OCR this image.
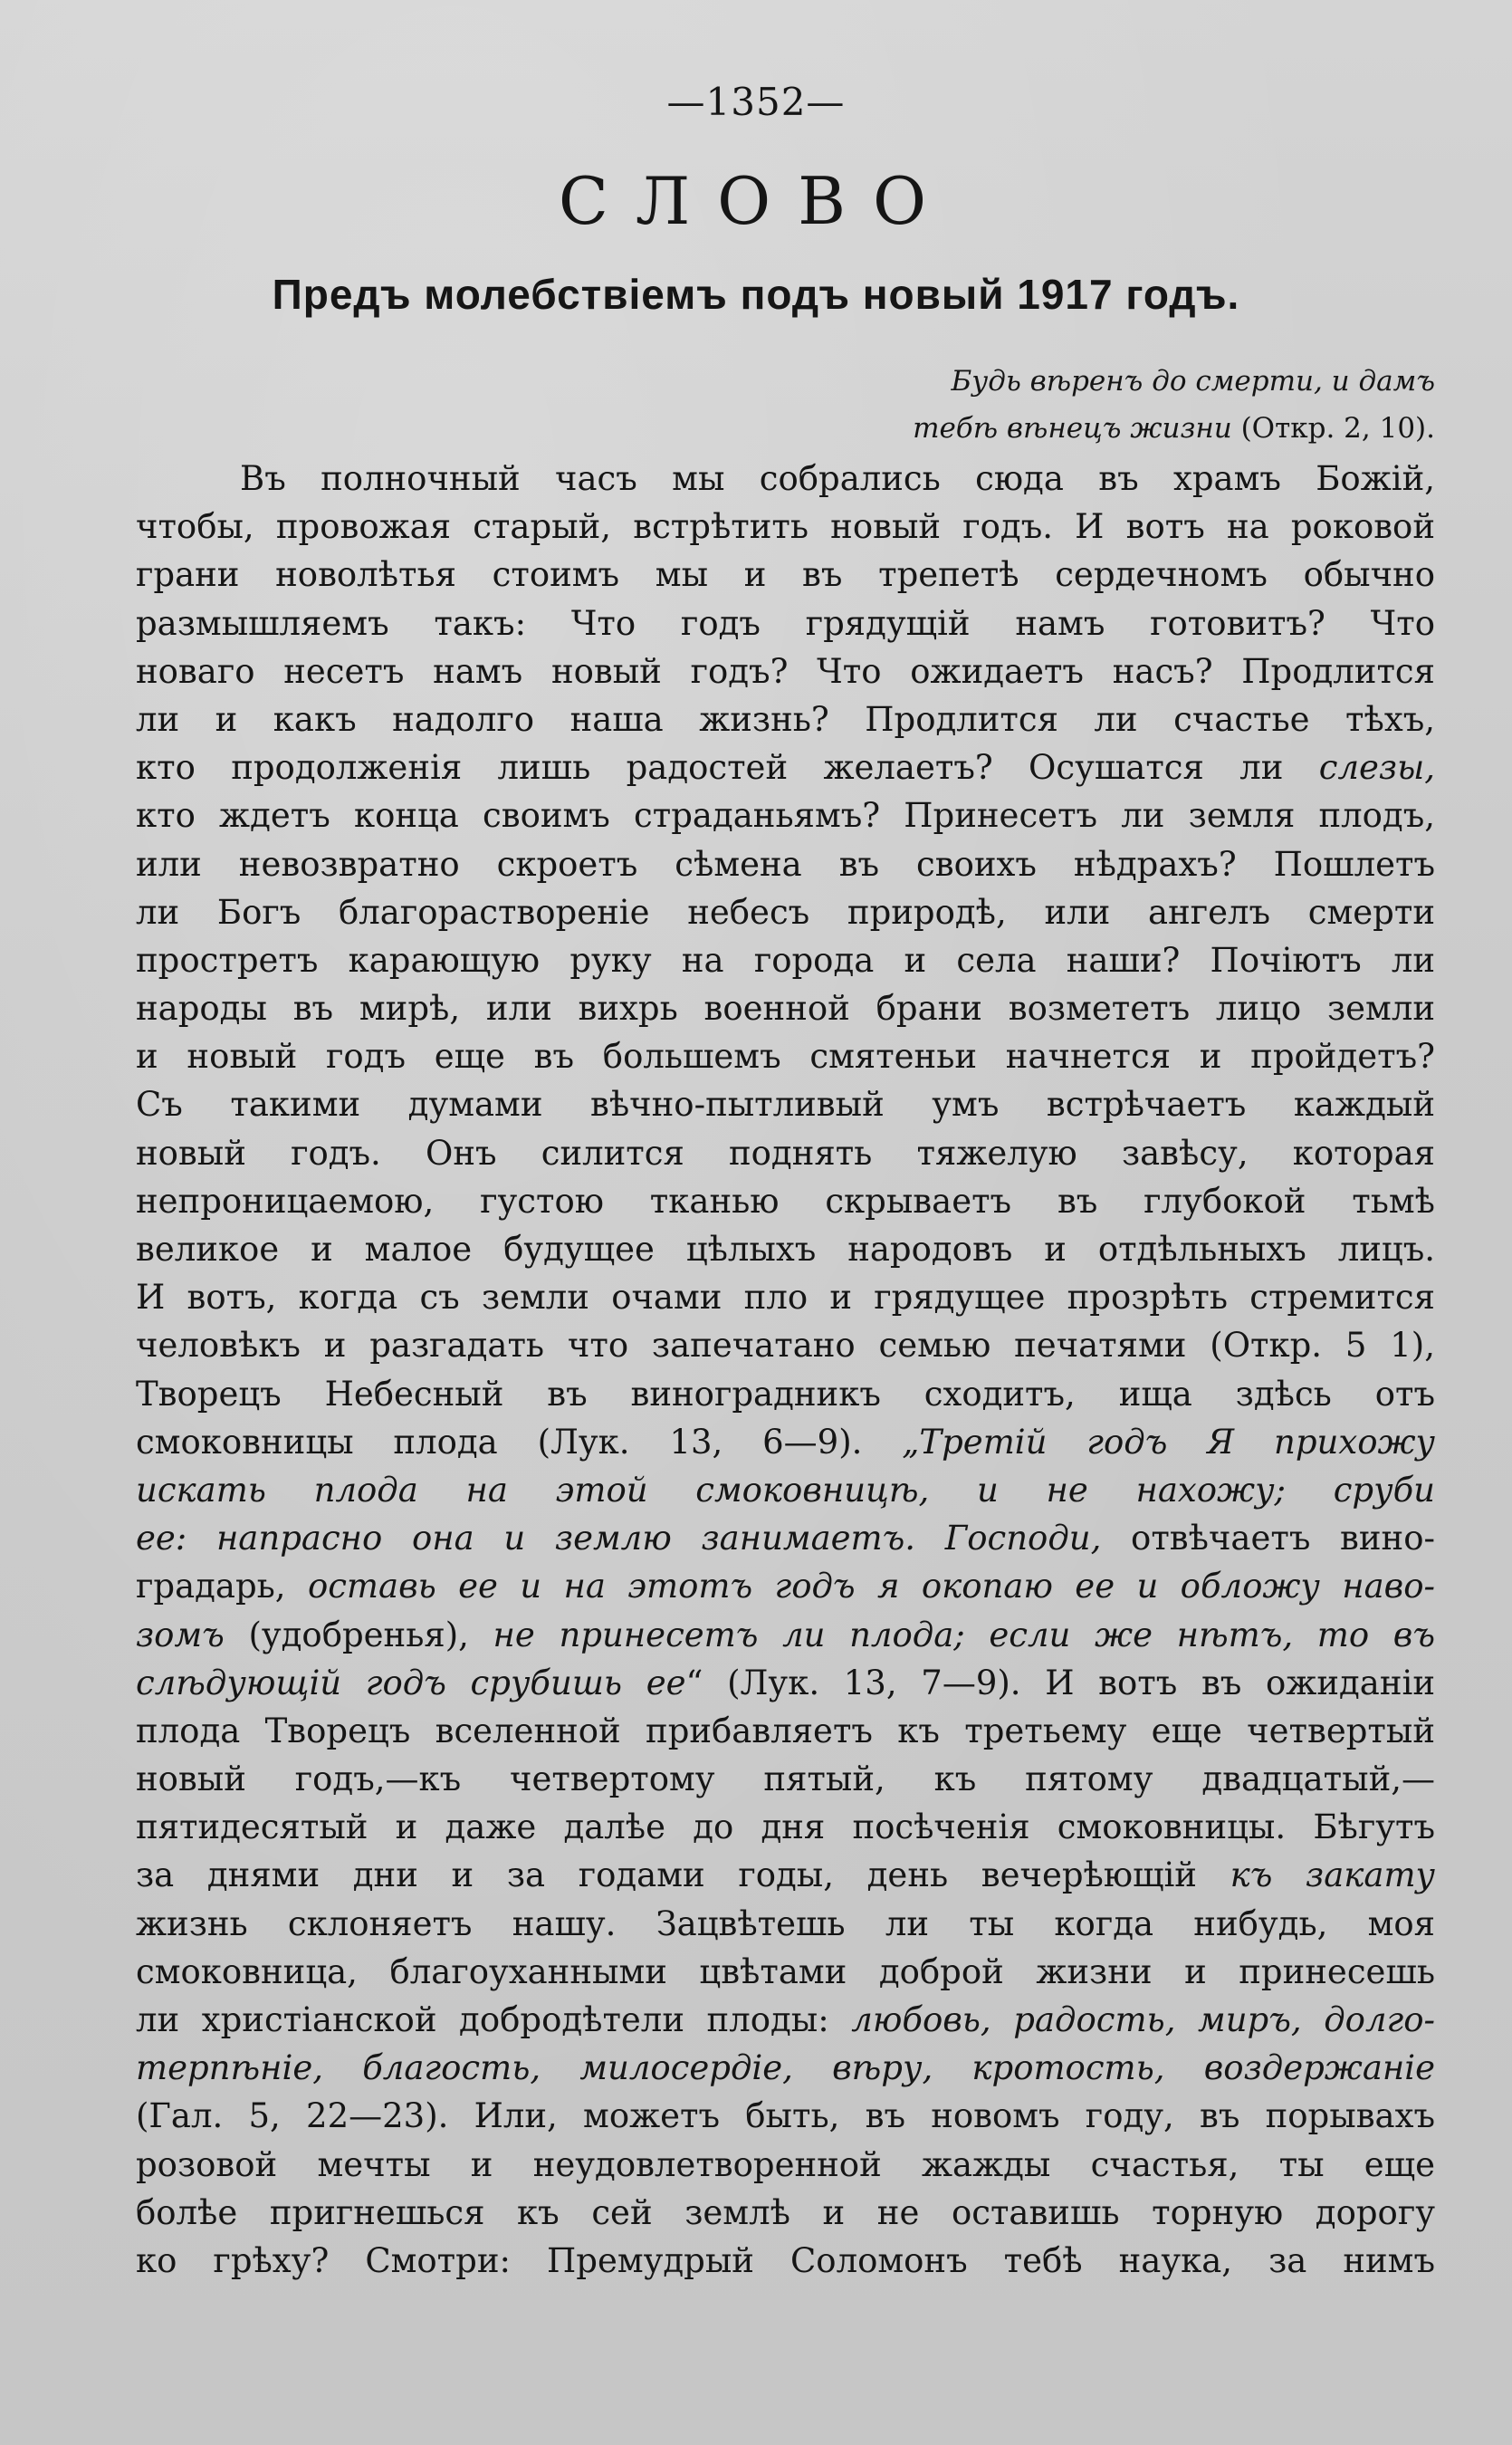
—1352—
СЛОВО
Предъ молебствіемъ подъ новый 1917 годъ.
Будь вѣренъ до смерти, и дамъ
тебѣ вѣнецъ жизни (Откр. 2, 10).
Въ полночный часъ мы собрались сюда въ храмъ Божій,
чтобы, провожая старый, встрѣтить новый годъ. И вотъ на роковой
грани новолѣтья стоимъ мы и въ трепетѣ сердечномъ обычно
размышляемъ такъ: Что годъ грядущій намъ готовитъ? Что
новаго несетъ намъ новый годъ? Что ожидаетъ насъ? Продлится
ли и какъ надолго наша жизнь? Продлится ли счастье тѣхъ,
кто продолженія лишь радостей желаетъ? Осушатся ли слезы,
кто ждетъ конца своимъ страданьямъ? Принесетъ ли земля плодъ,
или невозвратно скроетъ сѣмена въ своихъ нѣдрахъ? Пошлетъ
ли Богъ благораствореніе небесъ природѣ, или ангелъ смерти
простретъ карающую руку на города и села наши? Почіютъ ли
народы въ мирѣ, или вихрь военной брани возмететъ лицо земли
и новый годъ еще въ большемъ смятеньи начнется и пройдетъ?
Съ такими думами вѣчно-пытливый умъ встрѣчаетъ каждый
новый годъ. Онъ силится поднять тяжелую завѣсу, которая
непроницаемою, густою тканью скрываетъ въ глубокой тьмѣ
великое и малое будущее цѣлыхъ народовъ и отдѣльныхъ лицъ.
И вотъ, когда съ земли очами пло и грядущее прозрѣть стремится
человѣкъ и разгадать что запечатано семью печатями (Откр. 5 1),
Творецъ Небесный въ виноградникъ сходитъ, ища здѣсь отъ
смоковницы плода (Лук. 13, 6—9). „Третій годъ Я прихожу
искать плода на этой смоковницѣ, и не нахожу; сруби
ее: напрасно она и землю занимаетъ. Господи, отвѣчаетъ вино-
градарь, оставь ее и на этотъ годъ я окопаю ее и обложу наво-
зомъ (удобренья), не принесетъ ли плода; если же нѣтъ, то въ
слѣдующій годъ срубишь ее“ (Лук. 13, 7—9). И вотъ въ ожиданіи
плода Творецъ вселенной прибавляетъ къ третьему еще четвертый
новый годъ,—къ четвертому пятый, къ пятому двадцатый,—
пятидесятый и даже далѣе до дня посѣченія смоковницы. Бѣгутъ
за днями дни и за годами годы, день вечерѣющій къ закату
жизнь склоняетъ нашу. Зацвѣтешь ли ты когда нибудь, моя
смоковница, благоуханными цвѣтами доброй жизни и принесешь
ли христіанской добродѣтели плоды: любовь, радость, миръ, долго-
терпѣніе, благость, милосердіе, вѣру, кротость, воздержаніе
(Гал. 5, 22—23). Или, можетъ быть, въ новомъ году, въ порывахъ
розовой мечты и неудовлетворенной жажды счастья, ты еще
болѣе пригнешься къ сей землѣ и не оставишь торную дорогу
ко грѣху? Смотри: Премудрый Соломонъ тебѣ наука, за нимъ
